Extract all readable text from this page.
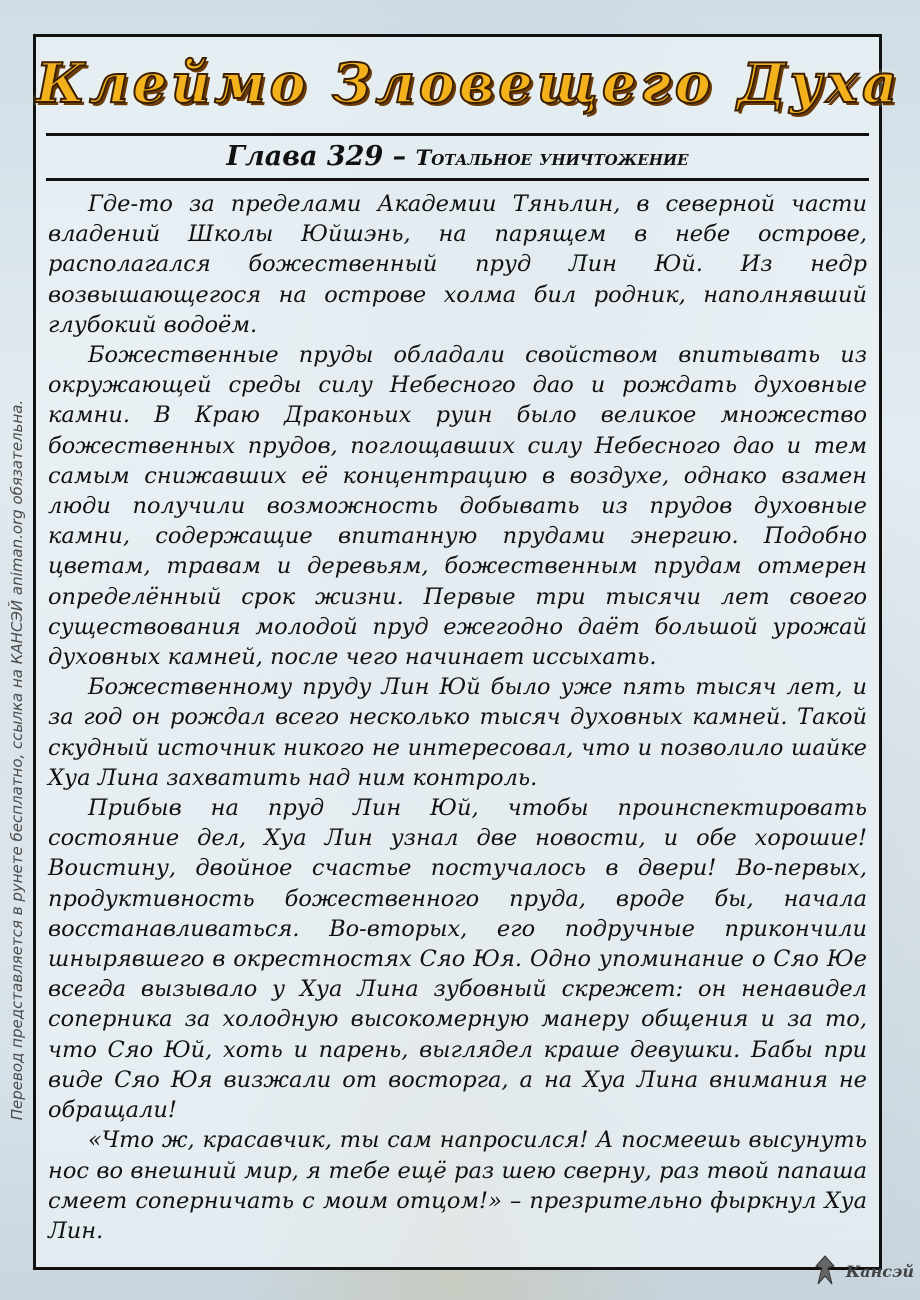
Перевод представляется в рунете бесплатно, ссылка на КАНСЭЙ animan.org обязательна.
Клеймо Зловещего Духа
Глава 329 – Тотальное уничтожение

Где-то за пределами Академии Тяньлин, в северной части владений Школы Юйшэнь, на парящем в небе острове, располагался божественный пруд Лин Юй. Из недр возвышающегося на острове холма бил родник, наполнявший глубокий водоём.

Божественные пруды обладали свойством впитывать из окружающей среды силу Небесного дао и рождать духовные камни. В Краю Драконьих руин было великое множество божественных прудов, поглощавших силу Небесного дао и тем самым снижавших её концентрацию в воздухе, однако взамен люди получили возможность добывать из прудов духовные камни, содержащие впитанную прудами энергию. Подобно цветам, травам и деревьям, божественным прудам отмерен определённый срок жизни. Первые три тысячи лет своего существования молодой пруд ежегодно даёт большой урожай духовных камней, после чего начинает иссыхать.

Божественному пруду Лин Юй было уже пять тысяч лет, и за год он рождал всего несколько тысяч духовных камней. Такой скудный источник никого не интересовал, что и позволило шайке Хуа Лина захватить над ним контроль.

Прибыв на пруд Лин Юй, чтобы проинспектировать состояние дел, Хуа Лин узнал две новости, и обе хорошие! Воистину, двойное счастье постучалось в двери! Во-первых, продуктивность божественного пруда, вроде бы, начала восстанавливаться. Во-вторых, его подручные прикончили шнырявшего в окрестностях Сяо Юя. Одно упоминание о Сяо Юе всегда вызывало у Хуа Лина зубовный скрежет: он ненавидел соперника за холодную высокомерную манеру общения и за то, что Сяо Юй, хоть и парень, выглядел краше девушки. Бабы при виде Сяо Юя визжали от восторга, а на Хуа Лина внимания не обращали!

«Что ж, красавчик, ты сам напросился! А посмеешь высунуть нос во внешний мир, я тебе ещё раз шею сверну, раз твой папаша смеет соперничать с моим отцом!» – презрительно фыркнул Хуа Лин.

Кансэй
